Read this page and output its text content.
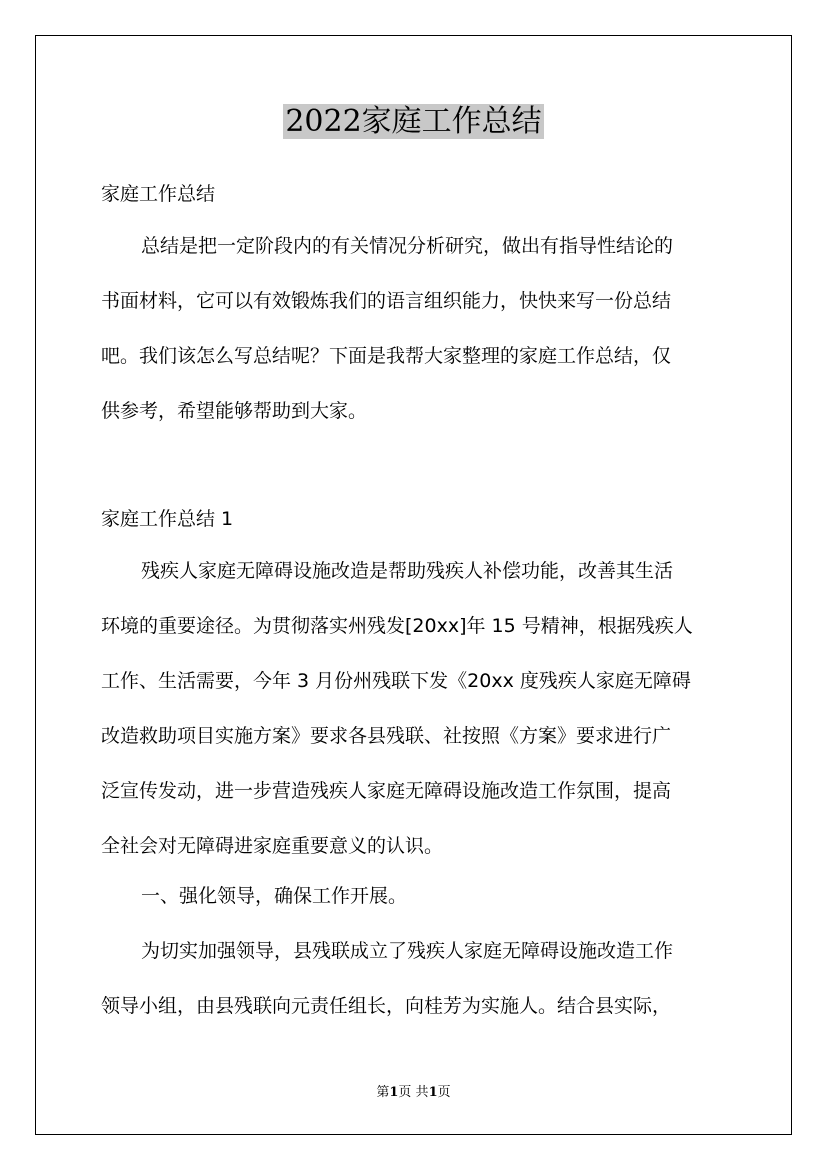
2022家庭工作总结

家庭工作总结

总结是把一定阶段内的有关情况分析研究，做出有指导性结论的
书面材料，它可以有效锻炼我们的语言组织能力，快快来写一份总结
吧。我们该怎么写总结呢？下面是我帮大家整理的家庭工作总结，仅
供参考，希望能够帮助到大家。

家庭工作总结 1

残疾人家庭无障碍设施改造是帮助残疾人补偿功能，改善其生活
环境的重要途径。为贯彻落实州残发[20xx]年 15 号精神，根据残疾人
工作、生活需要，今年 3 月份州残联下发《20xx 度残疾人家庭无障碍
改造救助项目实施方案》要求各县残联、社按照《方案》要求进行广
泛宣传发动，进一步营造残疾人家庭无障碍设施改造工作氛围，提高
全社会对无障碍进家庭重要意义的认识。
一、强化领导，确保工作开展。
为切实加强领导，县残联成立了残疾人家庭无障碍设施改造工作
领导小组，由县残联向元责任组长，向桂芳为实施人。结合县实际，
第1页 共1页
